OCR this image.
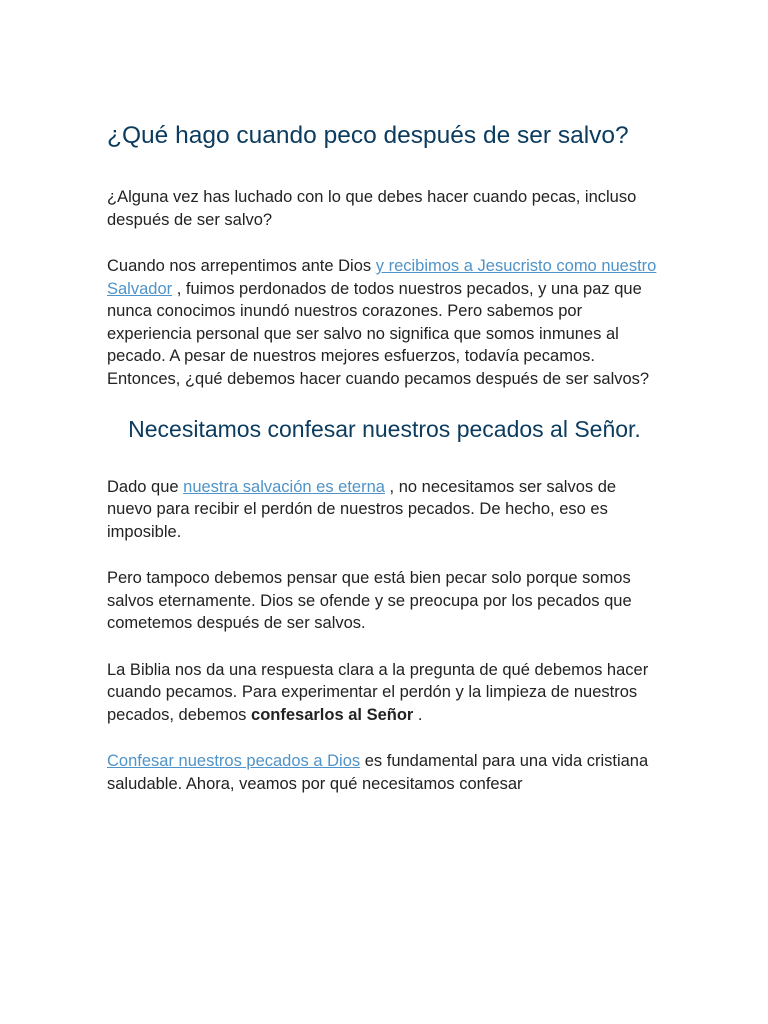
¿Qué hago cuando peco después de ser salvo?

¿Alguna vez has luchado con lo que debes hacer cuando pecas, incluso después de ser salvo?

Cuando nos arrepentimos ante Dios y recibimos a Jesucristo como nuestro Salvador , fuimos perdonados de todos nuestros pecados, y una paz que nunca conocimos inundó nuestros corazones. Pero sabemos por experiencia personal que ser salvo no significa que somos inmunes al pecado. A pesar de nuestros mejores esfuerzos, todavía pecamos. Entonces, ¿qué debemos hacer cuando pecamos después de ser salvos?

Necesitamos confesar nuestros pecados al Señor.

Dado que nuestra salvación es eterna , no necesitamos ser salvos de nuevo para recibir el perdón de nuestros pecados. De hecho, eso es imposible.

Pero tampoco debemos pensar que está bien pecar solo porque somos salvos eternamente. Dios se ofende y se preocupa por los pecados que cometemos después de ser salvos.

La Biblia nos da una respuesta clara a la pregunta de qué debemos hacer cuando pecamos. Para experimentar el perdón y la limpieza de nuestros pecados, debemos confesarlos al Señor .

Confesar nuestros pecados a Dios es fundamental para una vida cristiana saludable. Ahora, veamos por qué necesitamos confesar
